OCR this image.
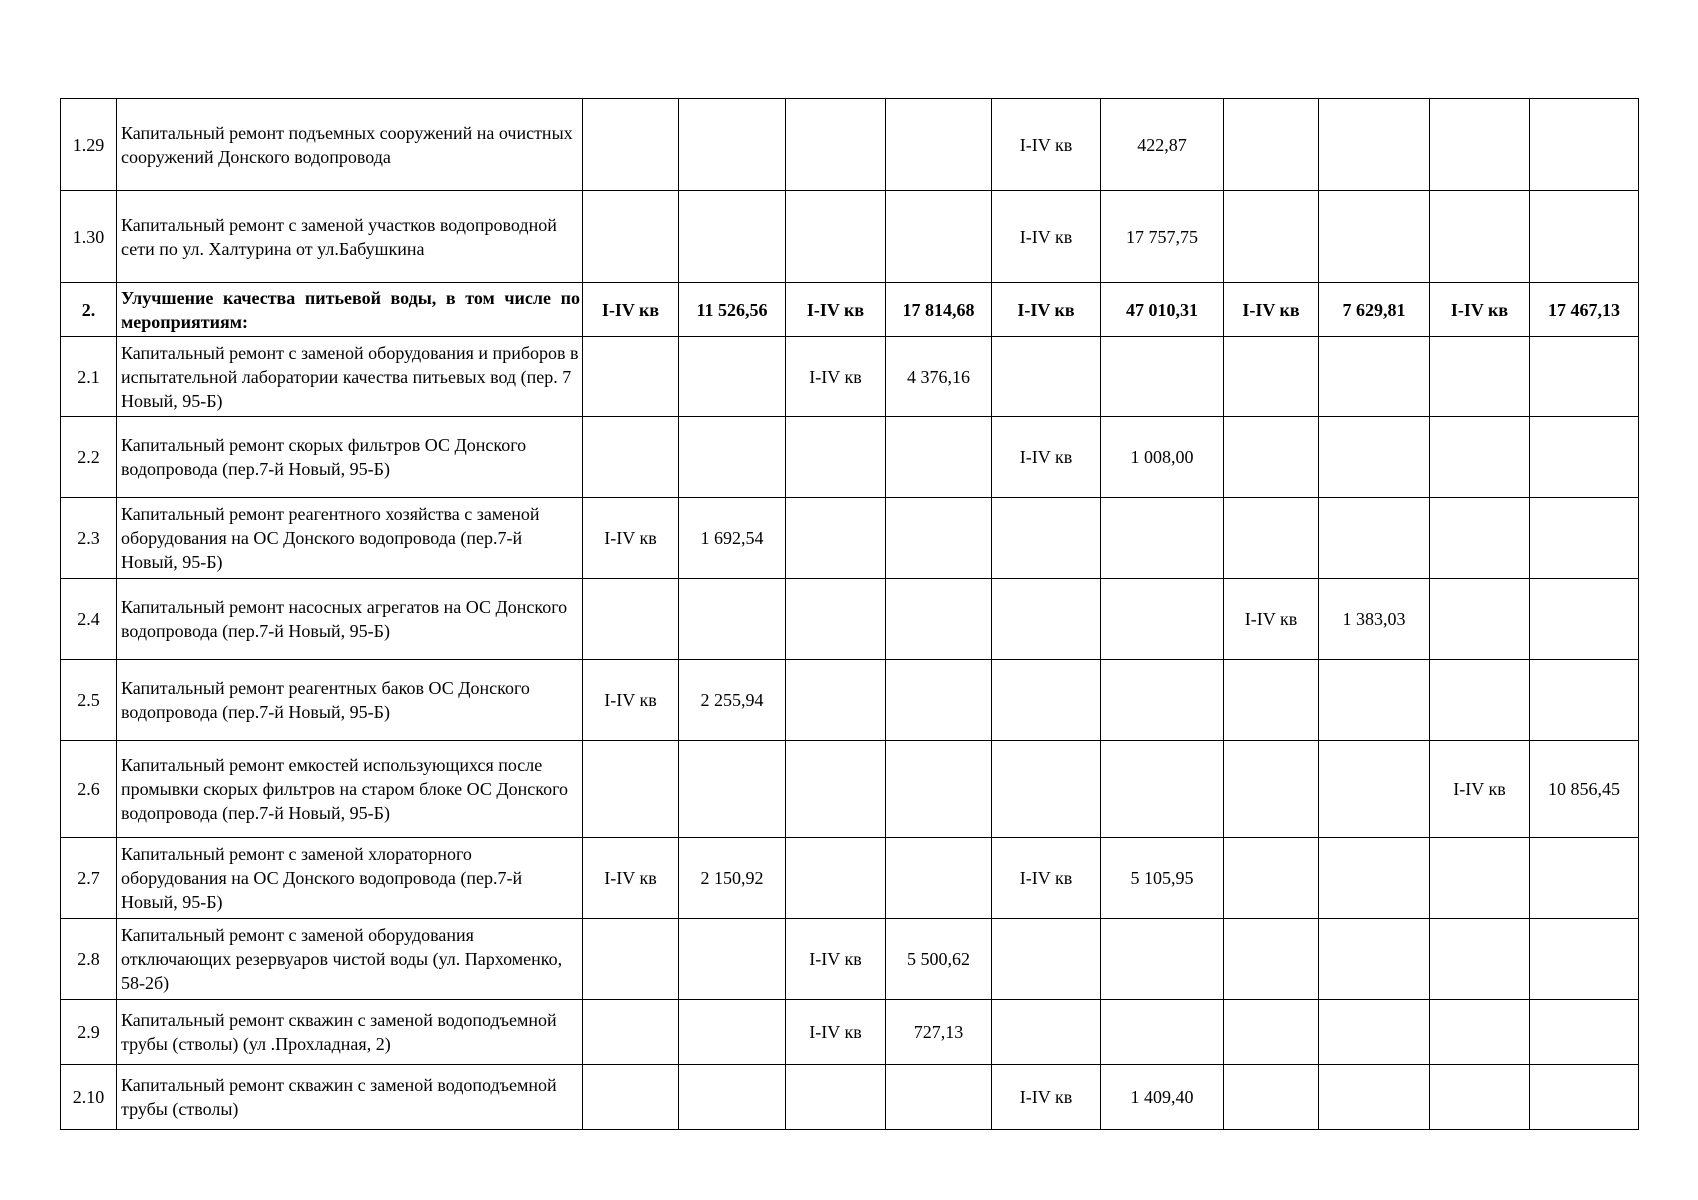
1.29	Капитальный ремонт подъемных сооружений на очистных сооружений Донского водопровода					I-IV кв	422,87				
1.30	Капитальный ремонт с заменой участков водопроводной сети по ул. Халтурина от ул.Бабушкина					I-IV кв	17 757,75				
2.	Улучшение качества питьевой воды, в том числе по мероприятиям:	I-IV кв	11 526,56	I-IV кв	17 814,68	I-IV кв	47 010,31	I-IV кв	7 629,81	I-IV кв	17 467,13
2.1	Капитальный ремонт с заменой оборудования и приборов в испытательной лаборатории качества питьевых вод (пер. 7 Новый, 95-Б)			I-IV кв	4 376,16						
2.2	Капитальный ремонт скорых фильтров ОС Донского водопровода (пер.7-й Новый, 95-Б)					I-IV кв	1 008,00				
2.3	Капитальный ремонт реагентного хозяйства с заменой оборудования на ОС Донского водопровода (пер.7-й Новый, 95-Б)	I-IV кв	1 692,54								
2.4	Капитальный ремонт насосных агрегатов на ОС Донского водопровода (пер.7-й Новый, 95-Б)							I-IV кв	1 383,03		
2.5	Капитальный ремонт реагентных баков ОС Донского водопровода (пер.7-й Новый, 95-Б)	I-IV кв	2 255,94								
2.6	Капитальный ремонт емкостей использующихся после промывки скорых фильтров на старом блоке ОС Донского водопровода (пер.7-й Новый, 95-Б)									I-IV кв	10 856,45
2.7	Капитальный ремонт с заменой хлораторного оборудования на ОС Донского водопровода (пер.7-й Новый, 95-Б)	I-IV кв	2 150,92			I-IV кв	5 105,95				
2.8	Капитальный ремонт с заменой оборудования отключающих резервуаров чистой воды (ул. Пархоменко, 58-2б)			I-IV кв	5 500,62						
2.9	Капитальный ремонт скважин с заменой водоподъемной трубы (стволы) (ул .Прохладная, 2)			I-IV кв	727,13						
2.10	Капитальный ремонт скважин с заменой водоподъемной трубы (стволы)					I-IV кв	1 409,40				
